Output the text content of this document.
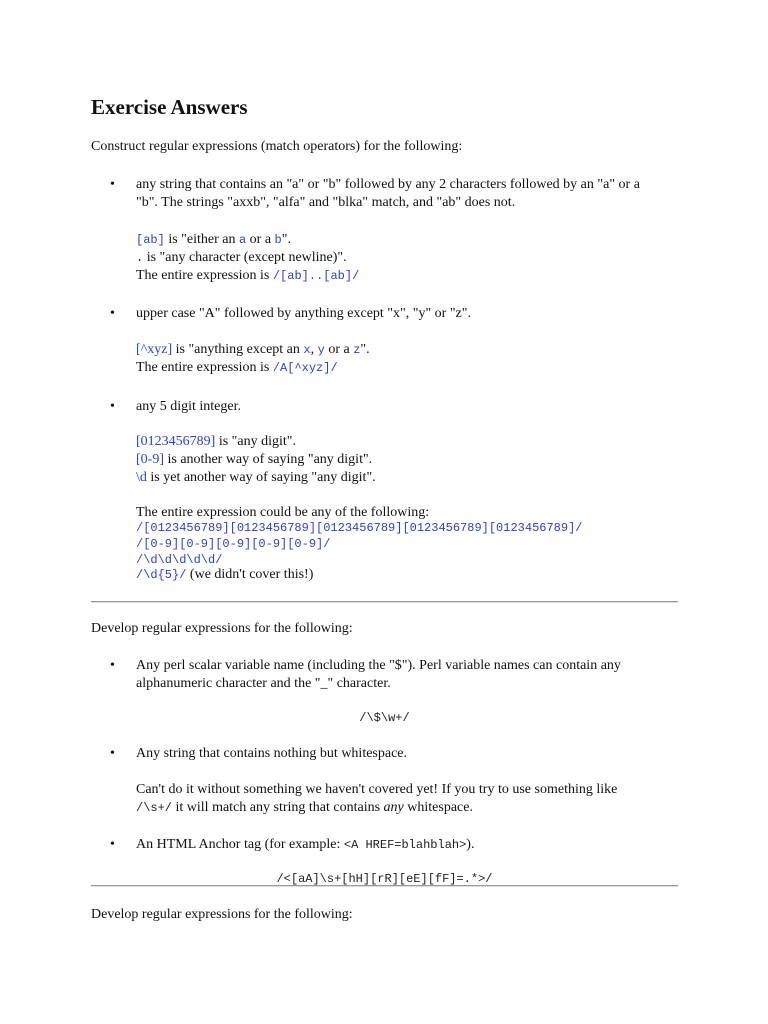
Exercise Answers
Construct regular expressions (match operators) for the following:
• any string that contains an "a" or "b" followed by any 2 characters followed by an "a" or a
"b". The strings "axxb", "alfa" and "blka" match, and "ab" does not.
[ab] is "either an a or a b".
. is "any character (except newline)".
The entire expression is /[ab]..[ab]/
• upper case "A" followed by anything except "x", "y" or "z".
[^xyz] is "anything except an x, y or a z".
The entire expression is /A[^xyz]/
• any 5 digit integer.
[0123456789] is "any digit".
[0-9] is another way of saying "any digit".
\d is yet another way of saying "any digit".
The entire expression could be any of the following:
/[0123456789][0123456789][0123456789][0123456789][0123456789]/
/[0-9][0-9][0-9][0-9][0-9]/
/\d\d\d\d\d/
/\d{5}/ (we didn't cover this!)
Develop regular expressions for the following:
• Any perl scalar variable name (including the "$"). Perl variable names can contain any
alphanumeric character and the "_" character.
/\$\w+/
• Any string that contains nothing but whitespace.
Can't do it without something we haven't covered yet! If you try to use something like
/\s+/ it will match any string that contains any whitespace.
• An HTML Anchor tag (for example: <A HREF=blahblah>).
/<[aA]\s+[hH][rR][eE][fF]=.*>/
Develop regular expressions for the following:
